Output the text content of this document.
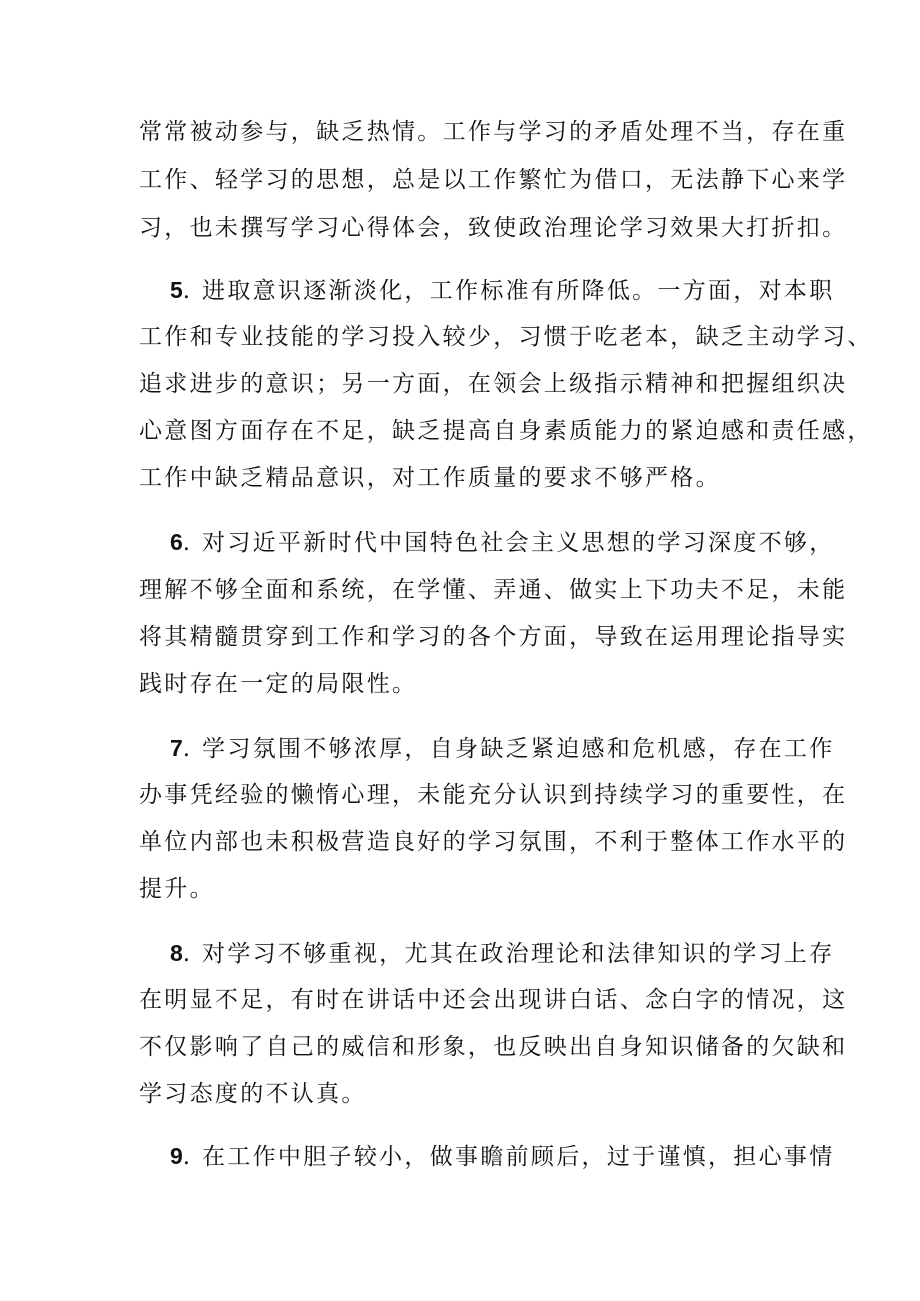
常常被动参与，缺乏热情。工作与学习的矛盾处理不当，存在重
工作、轻学习的思想，总是以工作繁忙为借口，无法静下心来学
习，也未撰写学习心得体会，致使政治理论学习效果大打折扣。
5. 进取意识逐渐淡化，工作标准有所降低。一方面，对本职
工作和专业技能的学习投入较少，习惯于吃老本，缺乏主动学习、
追求进步的意识；另一方面，在领会上级指示精神和把握组织决
心意图方面存在不足，缺乏提高自身素质能力的紧迫感和责任感，
工作中缺乏精品意识，对工作质量的要求不够严格。
6. 对习近平新时代中国特色社会主义思想的学习深度不够，
理解不够全面和系统，在学懂、弄通、做实上下功夫不足，未能
将其精髓贯穿到工作和学习的各个方面，导致在运用理论指导实
践时存在一定的局限性。
7. 学习氛围不够浓厚，自身缺乏紧迫感和危机感，存在工作
办事凭经验的懒惰心理，未能充分认识到持续学习的重要性，在
单位内部也未积极营造良好的学习氛围，不利于整体工作水平的
提升。
8. 对学习不够重视，尤其在政治理论和法律知识的学习上存
在明显不足，有时在讲话中还会出现讲白话、念白字的情况，这
不仅影响了自己的威信和形象，也反映出自身知识储备的欠缺和
学习态度的不认真。
9. 在工作中胆子较小，做事瞻前顾后，过于谨慎，担心事情
